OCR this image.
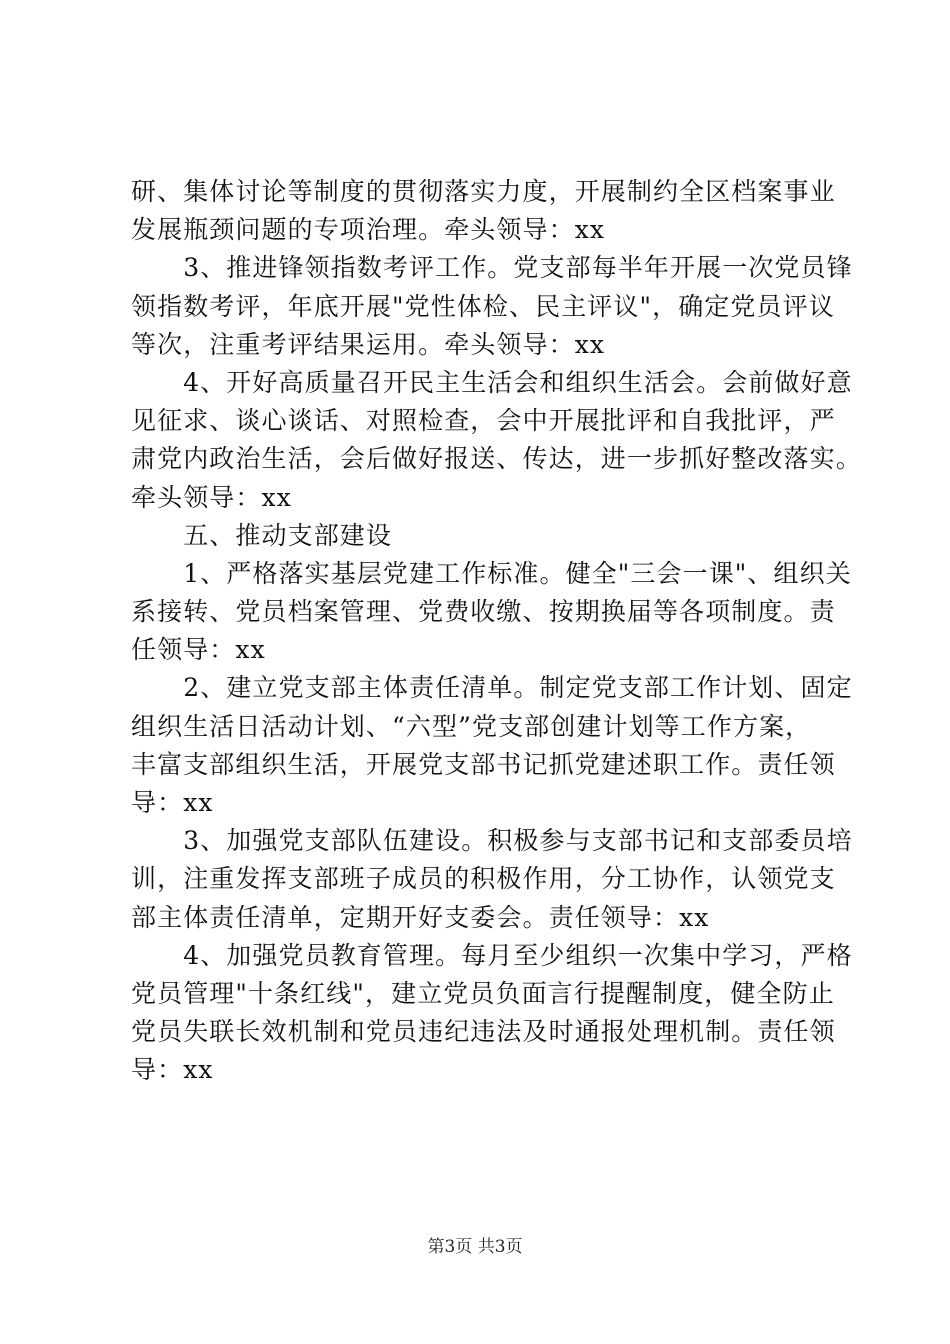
研、集体讨论等制度的贯彻落实力度，开展制约全区档案事业
发展瓶颈问题的专项治理。牵头领导：xx
　　3、推进锋领指数考评工作。党支部每半年开展一次党员锋
领指数考评，年底开展"党性体检、民主评议"，确定党员评议
等次，注重考评结果运用。牵头领导：xx
　　4、开好高质量召开民主生活会和组织生活会。会前做好意
见征求、谈心谈话、对照检查，会中开展批评和自我批评，严
肃党内政治生活，会后做好报送、传达，进一步抓好整改落实。
牵头领导：xx
　　五、推动支部建设
　　1、严格落实基层党建工作标准。健全"三会一课"、组织关
系接转、党员档案管理、党费收缴、按期换届等各项制度。责
任领导：xx
　　2、建立党支部主体责任清单。制定党支部工作计划、固定
组织生活日活动计划、“六型”党支部创建计划等工作方案，
丰富支部组织生活，开展党支部书记抓党建述职工作。责任领
导：xx
　　3、加强党支部队伍建设。积极参与支部书记和支部委员培
训，注重发挥支部班子成员的积极作用，分工协作，认领党支
部主体责任清单，定期开好支委会。责任领导：xx
　　4、加强党员教育管理。每月至少组织一次集中学习，严格
党员管理"十条红线"，建立党员负面言行提醒制度，健全防止
党员失联长效机制和党员违纪违法及时通报处理机制。责任领
导：xx
第3页 共3页
